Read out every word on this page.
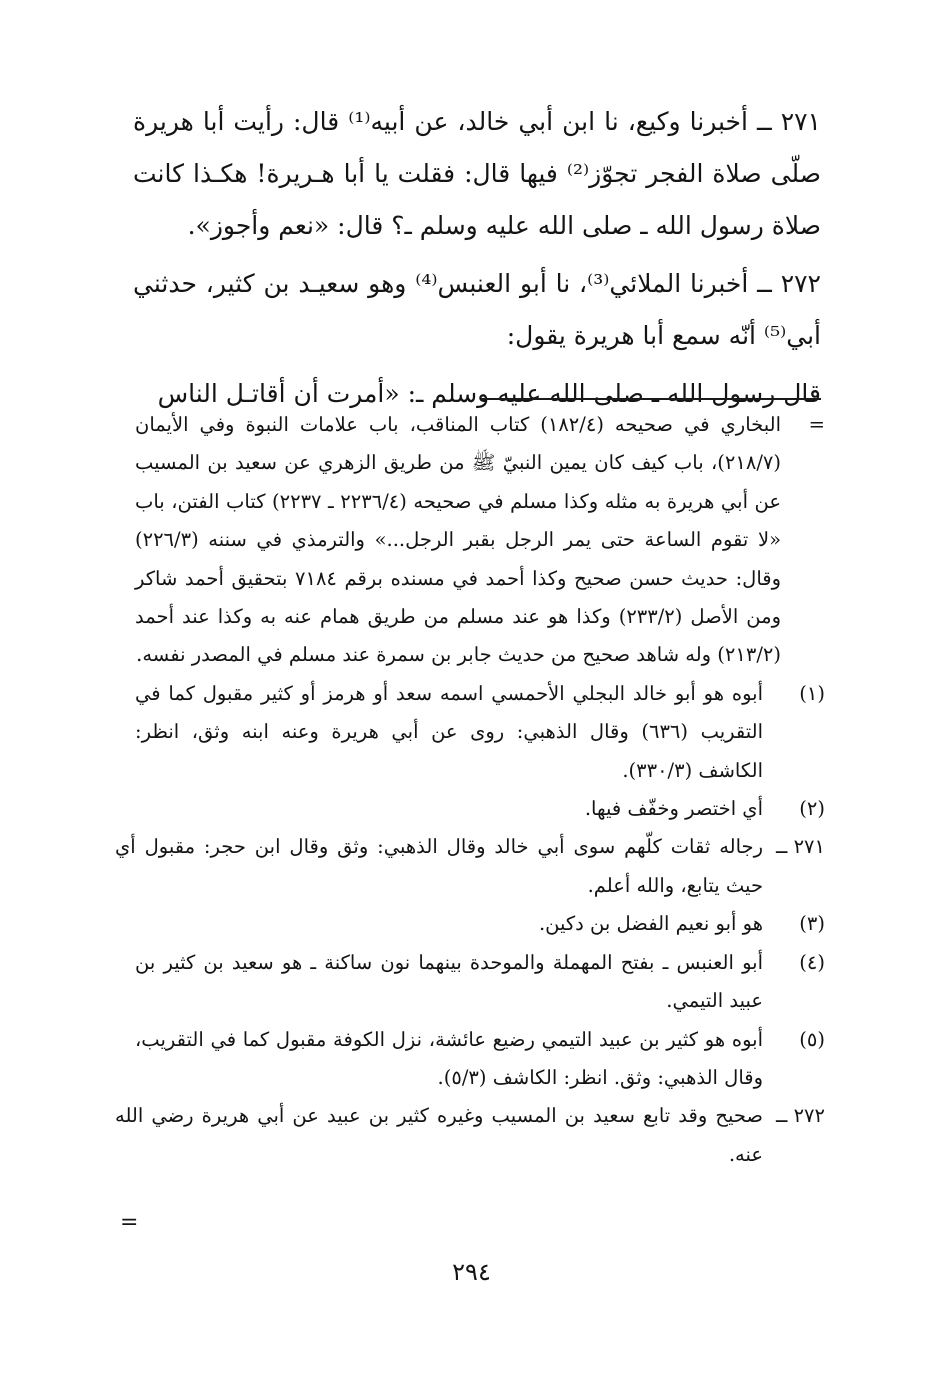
٢٧١ ــ أخبرنا وكيع، نا ابن أبي خالد، عن أبيه⁽¹⁾ قال: رأيت أبا هريرة صلّى صلاة الفجر تجوّز⁽²⁾ فيها قال: فقلت يا أبا هـريرة! هكـذا كانت صلاة رسول الله ـ صلى الله عليه وسلم ـ؟ قال: «نعم وأجوز».

٢٧٢ ــ أخبرنا الملائي⁽³⁾، نا أبو العنبس⁽⁴⁾ وهو سعيـد بن كثير، حدثني أبي⁽⁵⁾ أنّه سمع أبا هريرة يقول:

قال رسول الله ـ صلى الله عليه وسلم ـ: «أمرت أن أقاتـل الناس

=
البخاري في صحيحه (١٨٢/٤) كتاب المناقب، باب علامات النبوة وفي الأيمان (٢١٨/٧)، باب كيف كان يمين النبيّ ﷺ من طريق الزهري عن سعيد بن المسيب عن أبي هريرة به مثله وكذا مسلم في صحيحه (٢٢٣٦/٤ ـ ٢٢٣٧) كتاب الفتن، باب «لا تقوم الساعة حتى يمر الرجل بقبر الرجل...» والترمذي في سننه (٢٢٦/٣) وقال: حديث حسن صحيح وكذا أحمد في مسنده برقم ٧١٨٤ بتحقيق أحمد شاكر ومن الأصل (٢٣٣/٢) وكذا هو عند مسلم من طريق همام عنه به وكذا عند أحمد (٢١٣/٢) وله شاهد صحيح من حديث جابر بن سمرة عند مسلم في المصدر نفسه.
(١)
أبوه هو أبو خالد البجلي الأحمسي اسمه سعد أو هرمز أو كثير مقبول كما في التقريب (٦٣٦) وقال الذهبي: روى عن أبي هريرة وعنه ابنه وثق، انظر: الكاشف (٣٣٠/٣).
(٢)
أي اختصر وخفّف فيها.
٢٧١ ــ
رجاله ثقات كلّهم سوى أبي خالد وقال الذهبي: وثق وقال ابن حجر: مقبول أي حيث يتابع، والله أعلم.
(٣)
هو أبو نعيم الفضل بن دكين.
(٤)
أبو العنبس ـ بفتح المهملة والموحدة بينهما نون ساكنة ـ هو سعيد بن كثير بن عبيد التيمي.
(٥)
أبوه هو كثير بن عبيد التيمي رضيع عائشة، نزل الكوفة مقبول كما في التقريب، وقال الذهبي: وثق. انظر: الكاشف (٥/٣).
٢٧٢ ــ
صحيح وقد تابع سعيد بن المسيب وغيره كثير بن عبيد عن أبي هريرة رضي الله عنه.
=
٢٩٤
